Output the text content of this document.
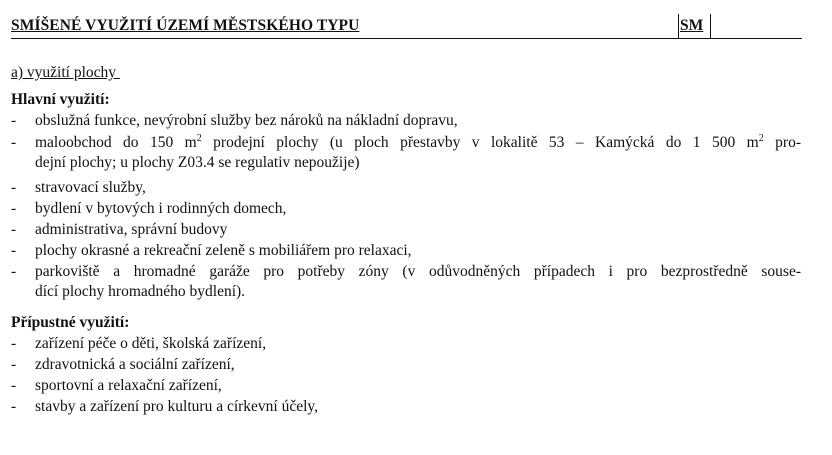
SMÍŠENÉ VYUŽITÍ ÚZEMÍ MĚSTSKÉHO TYPU	SM
a) využití plochy
Hlavní využití:
- obslužná funkce, nevýrobní služby bez nároků na nákladní dopravu,
- maloobchod do 150 $m^2$ prodejní plochy (u ploch přestavby v lokalitě 53 – Kamýcká do 1 500 $m^2$ pro-
dejní plochy; u plochy Z03.4 se regulativ nepoužije)
- stravovací služby,
- bydlení v bytových i rodinných domech,
- administrativa, správní budovy
- plochy okrasné a rekreační zeleně s mobiliářem pro relaxaci,
- parkoviště a hromadné garáže pro potřeby zóny (v odůvodněných případech i pro bezprostředně souse-
dící plochy hromadného bydlení).
Přípustné využití:
- zařízení péče o děti, školská zařízení,
- zdravotnická a sociální zařízení,
- sportovní a relaxační zařízení,
- stavby a zařízení pro kulturu a církevní účely,
